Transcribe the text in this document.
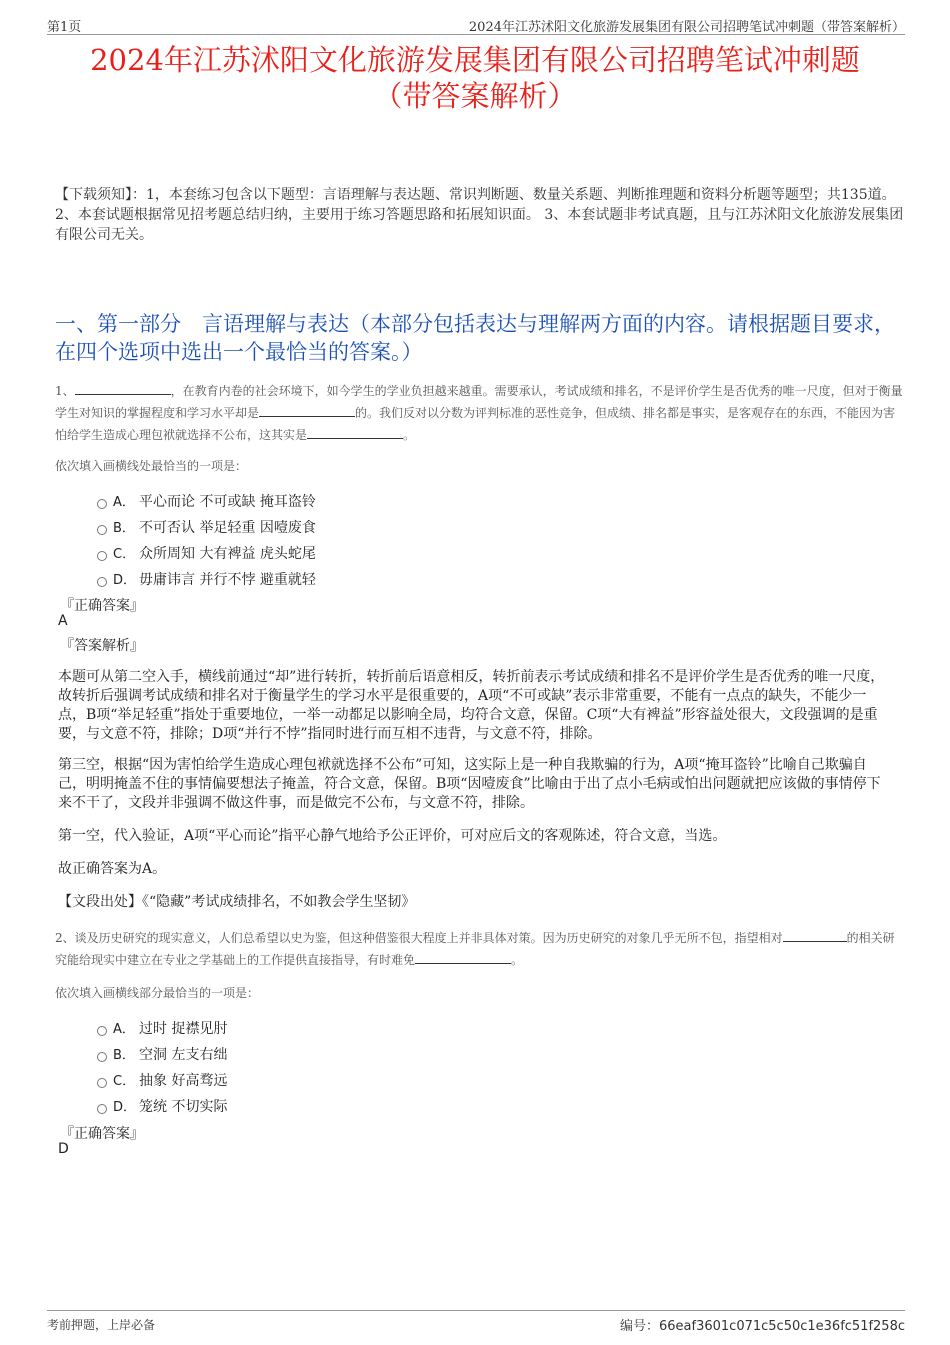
第1页	2024年江苏沭阳文化旅游发展集团有限公司招聘笔试冲刺题（带答案解析）
2024年江苏沭阳文化旅游发展集团有限公司招聘笔试冲刺题
（带答案解析）
【下载须知】：1，本套练习包含以下题型：言语理解与表达题、常识判断题、数量关系题、判断推理题和资料分析题等题型；共135道。 2、本套试题根据常见招考题总结归纳，主要用于练习答题思路和拓展知识面。 3、本套试题非考试真题，且与江苏沭阳文化旅游发展集团有限公司无关。
一、第一部分　言语理解与表达（本部分包括表达与理解两方面的内容。请根据题目要求，在四个选项中选出一个最恰当的答案。）
1、	，在教育内卷的社会环境下，如今学生的学业负担越来越重。需要承认，考试成绩和排名，不是评价学生是否优秀的唯一尺度，但对于衡量学生对知识的掌握程度和学习水平却是	的。我们反对以分数为评判标准的恶性竞争，但成绩、排名都是事实，是客观存在的东西，不能因为害怕给学生造成心理包袱就选择不公布，这其实是	。
依次填入画横线处最恰当的一项是：
A． 平心而论 不可或缺 掩耳盗铃
B． 不可否认 举足轻重 因噎废食
C． 众所周知 大有裨益 虎头蛇尾
D． 毋庸讳言 并行不悖 避重就轻
『正确答案』
A
『答案解析』
本题可从第二空入手，横线前通过“却”进行转折，转折前后语意相反，转折前表示考试成绩和排名不是评价学生是否优秀的唯一尺度，故转折后强调考试成绩和排名对于衡量学生的学习水平是很重要的，A项“不可或缺”表示非常重要，不能有一点点的缺失，不能少一点，B项“举足轻重”指处于重要地位，一举一动都足以影响全局，均符合文意，保留。C项“大有裨益”形容益处很大，文段强调的是重要，与文意不符，排除；D项“并行不悖”指同时进行而互相不违背，与文意不符，排除。
第三空，根据“因为害怕给学生造成心理包袱就选择不公布”可知，这实际上是一种自我欺骗的行为，A项“掩耳盗铃”比喻自己欺骗自己，明明掩盖不住的事情偏要想法子掩盖，符合文意，保留。B项“因噎废食”比喻由于出了点小毛病或怕出问题就把应该做的事情停下来不干了，文段并非强调不做这件事，而是做完不公布，与文意不符，排除。
第一空，代入验证，A项“平心而论”指平心静气地给予公正评价，可对应后文的客观陈述，符合文意，当选。
故正确答案为A。
【文段出处】《“隐藏”考试成绩排名，不如教会学生坚韧》
2、谈及历史研究的现实意义，人们总希望以史为鉴，但这种借鉴很大程度上并非具体对策。因为历史研究的对象几乎无所不包，指望相对	的相关研究能给现实中建立在专业之学基础上的工作提供直接指导，有时难免	。
依次填入画横线部分最恰当的一项是：
A． 过时 捉襟见肘
B． 空洞 左支右绌
C． 抽象 好高骛远
D． 笼统 不切实际
『正确答案』
D
考前押题，上岸必备	编号：66eaf3601c071c5c50c1e36fc51f258c
